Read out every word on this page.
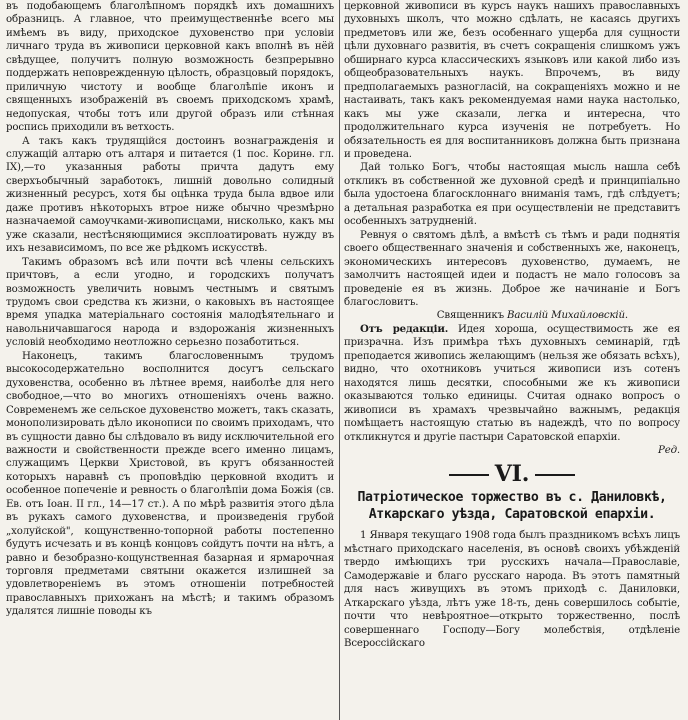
въ подобающемъ благолѣпномъ порядкѣ ихъ домашнихъ образницъ. А главное, что преимущественнѣе всего мы имѣемъ въ виду, приходское духовенство при условіи личнаго труда въ живописи церковной какъ вполнѣ въ нёй свѣдущее, получитъ полную возможность безпрерывно поддержать неповрежденную цѣлость, образцовый порядокъ, приличную чистоту и вообще благолѣпіе иконъ и священныхъ изображеній въ своемъ приходскомъ храмѣ, недопуская, чтобы тотъ или другой образъ или стѣнная роспись приходили въ ветхость.

А такъ какъ трудящійся достоинъ вознагражденія и служащій алтарю отъ алтаря и питается (1 пос. Коринѳ. гл. IX),—то указанныя работы причта дадутъ ему сверхъобычный заработокъ, лишній довольно солидный жизненный ресурсъ, хотя бы оцѣнка труда была вдвое или даже противъ нѣкоторыхъ втрое ниже обычно чрезмѣрно назначаемой самоучками-живописцами, нисколько, какъ мы уже сказали, нестѣсняющимися эксплоатировать нужду въ ихъ независимомъ, по все же рѣдкомъ искусствѣ.

Такимъ образомъ всѣ или почти всѣ члены сельскихъ причтовъ, а если угодно, и городскихъ получатъ возможность увеличить новымъ честнымъ и святымъ трудомъ свои средства къ жизни, о каковыхъ въ настоящее время упадка матеріальнаго состоянія малодѣятельнаго и навольничавшагося народа и вздорожанія жизненныхъ условій необходимо неотложно серьезно позаботиться.

Наконецъ, такимъ благословеннымъ трудомъ высокосодержательно восполнится досугъ сельскаго духовенства, особенно въ лѣтнее время, наиболѣе для него свободное,—что во многихъ отношеніяхъ очень важно. Современемъ же сельское духовенство можетъ, такъ сказать, монополизировать дѣло иконописи по своимъ приходамъ, что въ сущности давно бы слѣдовало въ виду исключительной его важности и свойственности прежде всего именно лицамъ, служащимъ Церкви Христовой, въ кругъ обязанностей которыхъ наравнѣ съ проповѣдію церковной входитъ и особенное попеченіе и ревность о благолѣпіи дома Божія (св. Ев. отъ Іоан. II гл., 14—17 ст.). А по мѣрѣ развитія этого дѣла въ рукахъ самого духовенства, и произведенія грубой „холуйской", кощунственно-топорной работы постепенно будутъ исчезать и въ концѣ концовъ сойдутъ почти на нѣтъ, а равно и безобразно-кощунственная базарная и ярмарочная торговля предметами святыни окажется излишней за удовлетвореніемъ въ этомъ отношеніи потребностей православныхъ прихожанъ на мѣстѣ; и такимъ образомъ удалятся лишніе поводы къ

церковной живописи въ курсъ наукъ нашихъ православныхъ духовныхъ школъ, что можно сдѣлать, не касаясь другихъ предметовъ или же, безъ особеннаго ущерба для сущности цѣли духовнаго развитія, въ счетъ сокращенія слишкомъ ужъ обширнаго курса классическихъ языковъ или какой либо изъ общеобразовательныхъ наукъ. Впрочемъ, въ виду предполагаемыхъ разногласій, на сокращеніяхъ можно и не настаивать, такъ какъ рекомендуемая нами наука настолько, какъ мы уже сказали, легка и интересна, что продолжительнаго курса изученія не потребуетъ. Но обязательность ея для воспитанниковъ должна быть признана и проведена.

Дай только Богъ, чтобы настоящая мысль нашла себѣ откликъ въ собственной же духовной средѣ и принципіально была удостоена благосклоннаго вниманія тамъ, гдѣ слѣдуетъ; а детальная разработка ея при осуществленіи не представитъ особенныхъ затрудненій.

Ревнуя о святомъ дѣлѣ, а вмѣстѣ съ тѣмъ и ради поднятія своего общественнаго значенія и собственныхъ же, наконецъ, экономическихъ интересовъ духовенство, думаемъ, не замолчитъ настоящей идеи и подастъ не мало голосовъ за проведеніе ея въ жизнь. Доброе же начинаніе и Богъ благословитъ.

Священникъ Василій Михайловскій.

Отъ редакціи. Идея хороша, осуществимость же ея призрачна. Изъ примѣра тѣхъ духовныхъ семинарій, гдѣ преподается живопись желающимъ (нельзя же обязать всѣхъ), видно, что охотниковъ учиться живописи изъ сотенъ находятся лишь десятки, способными же къ живописи оказываются только единицы. Считая однако вопросъ о живописи въ храмахъ чрезвычайно важнымъ, редакція помѣщаетъ настоящую статью въ надеждѣ, что по вопросу откликнутся и другіе пастыри Саратовской епархіи.

Ред.
VI.
Патріотическое торжество въ с. Даниловкѣ,
Аткарскаго уѣзда, Саратовской епархіи.

1 Января текущаго 1908 года былъ праздникомъ всѣхъ лицъ мѣстнаго приходскаго населенія, въ основѣ своихъ убѣжденій твердо имѣющихъ три русскихъ начала—Православіе, Самодержавіе и благо русскаго народа. Въ этотъ памятный для насъ живущихъ въ этомъ приходѣ с. Даниловки, Аткарскаго уѣзда, лѣтъ уже 18-ть, день совершилось событіе, почти что невѣроятное—открыто торжественно, послѣ совершеннаго Господу—Богу молебствія, отдѣленіе Всероссійскаго
